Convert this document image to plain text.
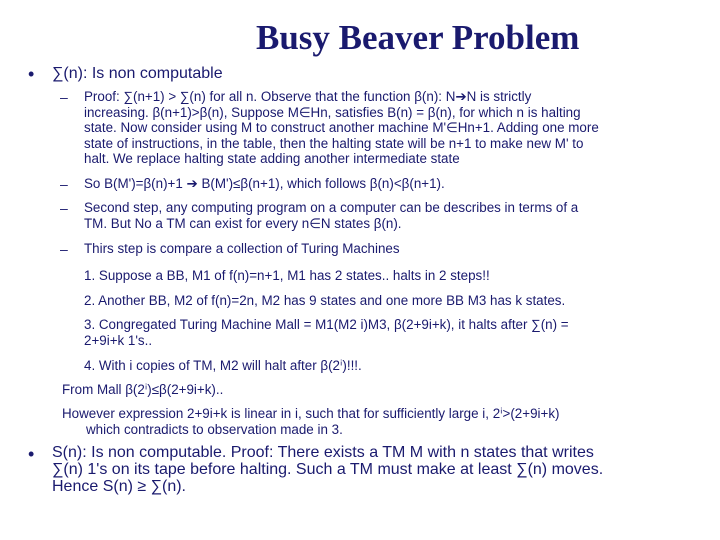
Busy Beaver Problem
• ∑(n): Is non computable
– Proof: ∑(n+1) > ∑(n) for all n. Observe that the function β(n): N➔N is strictly
increasing. β(n+1)>β(n), Suppose M∈Hn, satisfies B(n) = β(n), for which n is halting
state. Now consider using M to construct another machine M'∈Hn+1. Adding one more
state of instructions, in the table, then the halting state will be n+1 to make new M' to
halt. We replace halting state adding another intermediate state
– So B(M')=β(n)+1 ➔ B(M')≤β(n+1), which follows β(n)<β(n+1).
– Second step, any computing program on a computer can be describes in terms of a
TM. But No a TM can exist for every n∈N states β(n).
– Thirs step is compare a collection of Turing Machines
1. Suppose a BB, M1 of f(n)=n+1, M1 has 2 states.. halts in 2 steps!!
2. Another BB, M2 of f(n)=2n, M2 has 9 states and one more BB M3 has k states.
3. Congregated Turing Machine Mall = M1(M2 i)M3, β(2+9i+k), it halts after ∑(n) =
2+9i+k 1's..
4. With i copies of TM, M2 will halt after β(2ⁱ)!!!.
From Mall β(2ⁱ)≤β(2+9i+k)..
However expression 2+9i+k is linear in i, such that for sufficiently large i, 2ⁱ>(2+9i+k)
which contradicts to observation made in 3.
• S(n): Is non computable. Proof: There exists a TM M with n states that writes
∑(n) 1's on its tape before halting. Such a TM must make at least ∑(n) moves.
Hence S(n) ≥ ∑(n).
